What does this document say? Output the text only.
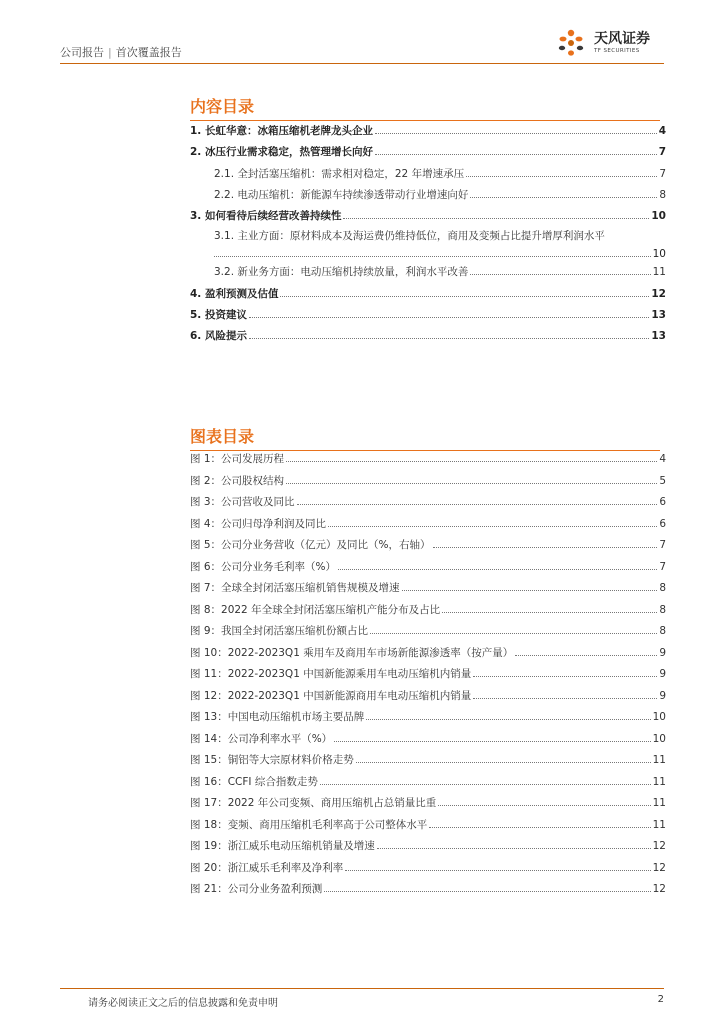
公司报告 | 首次覆盖报告
天风证券
TF SECURITIES
内容目录
1. 长虹华意：冰箱压缩机老牌龙头企业	4
2. 冰压行业需求稳定，热管理增长向好	7
2.1. 全封活塞压缩机：需求相对稳定，22 年增速承压	7
2.2. 电动压缩机：新能源车持续渗透带动行业增速向好	8
3. 如何看待后续经营改善持续性	10
3.1. 主业方面：原材料成本及海运费仍维持低位，商用及变频占比提升增厚利润水平
10
3.2. 新业务方面：电动压缩机持续放量，利润水平改善	11
4. 盈利预测及估值	12
5. 投资建议	13
6. 风险提示	13
图表目录
图 1：公司发展历程	4
图 2：公司股权结构	5
图 3：公司营收及同比	6
图 4：公司归母净利润及同比	6
图 5：公司分业务营收（亿元）及同比（%，右轴）	7
图 6：公司分业务毛利率（%）	7
图 7：全球全封闭活塞压缩机销售规模及增速	8
图 8：2022 年全球全封闭活塞压缩机产能分布及占比	8
图 9：我国全封闭活塞压缩机份额占比	8
图 10：2022-2023Q1 乘用车及商用车市场新能源渗透率（按产量）	9
图 11：2022-2023Q1 中国新能源乘用车电动压缩机内销量	9
图 12：2022-2023Q1 中国新能源商用车电动压缩机内销量	9
图 13：中国电动压缩机市场主要品牌	10
图 14：公司净利率水平（%）	10
图 15：铜铝等大宗原材料价格走势	11
图 16：CCFI 综合指数走势	11
图 17：2022 年公司变频、商用压缩机占总销量比重	11
图 18：变频、商用压缩机毛利率高于公司整体水平	11
图 19：浙江威乐电动压缩机销量及增速	12
图 20：浙江威乐毛利率及净利率	12
图 21：公司分业务盈利预测	12
请务必阅读正文之后的信息披露和免责申明	2
